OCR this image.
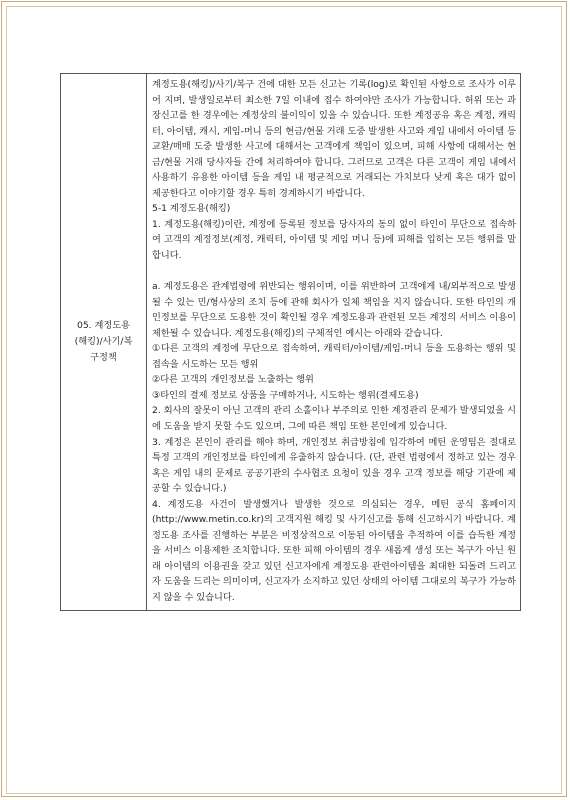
05. 계정도용
(해킹)/사기/복
구정책

계정도용(해킹)/사기/복구 건에 대한 모든 신고는 기록(log)로 확인된 사항으로 조사가 이루어 지며, 발생일로부터 최소한 7일 이내에 접수 하여야만 조사가 가능합니다. 허위 또는 과장신고를 한 경우에는 계정상의 불이익이 있을 수 있습니다. 또한 계정공유 혹은 계정, 캐릭터, 아이템, 캐시, 게임-머니 등의 현금/현물 거래 도중 발생한 사고와 게임 내에서 아이템 등 교환/매매 도중 발생한 사고에 대해서는 고객에게 책임이 있으며, 피해 사항에 대해서는 현금/현물 거래 당사자들 간에 처리하여야 합니다. 그러므로 고객은 다른 고객이 게임 내에서 사용하기 유용한 아이템 등을 게임 내 평균적으로 거래되는 가치보다 낮게 혹은 대가 없이 제공한다고 이야기할 경우 특히 경계하시기 바랍니다.

5-1 계정도용(해킹)

1. 계정도용(해킹)이란, 계정에 등록된 정보를 당사자의 동의 없이 타인이 무단으로 접속하여 고객의 계정정보(계정, 캐릭터, 아이템 및 게임 머니 등)에 피해를 입히는 모든 행위를 말합니다.

a. 계정도용은 관계법령에 위반되는 행위이며, 이를 위반하여 고객에게 내/외부적으로 발생될 수 있는 민/형사상의 조치 등에 관해 회사가 일체 책임을 지지 않습니다. 또한 타인의 개인정보를 무단으로 도용한 것이 확인될 경우 계정도용과 관련된 모든 계정의 서비스 이용이 제한될 수 있습니다. 계정도용(해킹)의 구체적인 예시는 아래와 같습니다.

①다른 고객의 계정에 무단으로 접속하여, 캐릭터/아이템/게임-머니 등을 도용하는 행위 및 접속을 시도하는 모든 행위

②다른 고객의 개인정보를 노출하는 행위

③타인의 결제 정보로 상품을 구매하거나, 시도하는 행위(결제도용)

2. 회사의 잘못이 아닌 고객의 관리 소홀이나 부주의로 인한 계정관리 문제가 발생되었을 시에 도움을 받지 못할 수도 있으며, 그에 따른 책임 또한 본인에게 있습니다.

3. 계정은 본인이 관리를 해야 하며, 개인정보 취급방침에 입각하여 메틴 운영팀은 절대로 특정 고객의 개인정보를 타인에게 유출하지 않습니다. (단, 관련 법령에서 정하고 있는 경우 혹은 게임 내의 문제로 공공기관의 수사협조 요청이 있을 경우 고객 정보를 해당 기관에 제공할 수 있습니다.)

4. 계정도용 사건이 발생했거나 발생한 것으로 의심되는 경우, 메틴 공식 홈페이지(http://www.metin.co.kr)의 고객지원 해킹 및 사기신고를 통해 신고하시기 바랍니다. 계정도용 조사를 진행하는 부분은 비정상적으로 이동된 아이템을 추적하여 이를 습득한 계정을 서비스 이용제한 조치합니다. 또한 피해 아이템의 경우 새롭게 생성 또는 복구가 아닌 원래 아이템의 이용권을 갖고 있던 신고자에게 계정도용 관련아이템을 최대한 되돌려 드리고자 도움을 드리는 의미이며, 신고자가 소지하고 있던 상태의 아이템 그대로의 복구가 가능하지 않을 수 있습니다.
